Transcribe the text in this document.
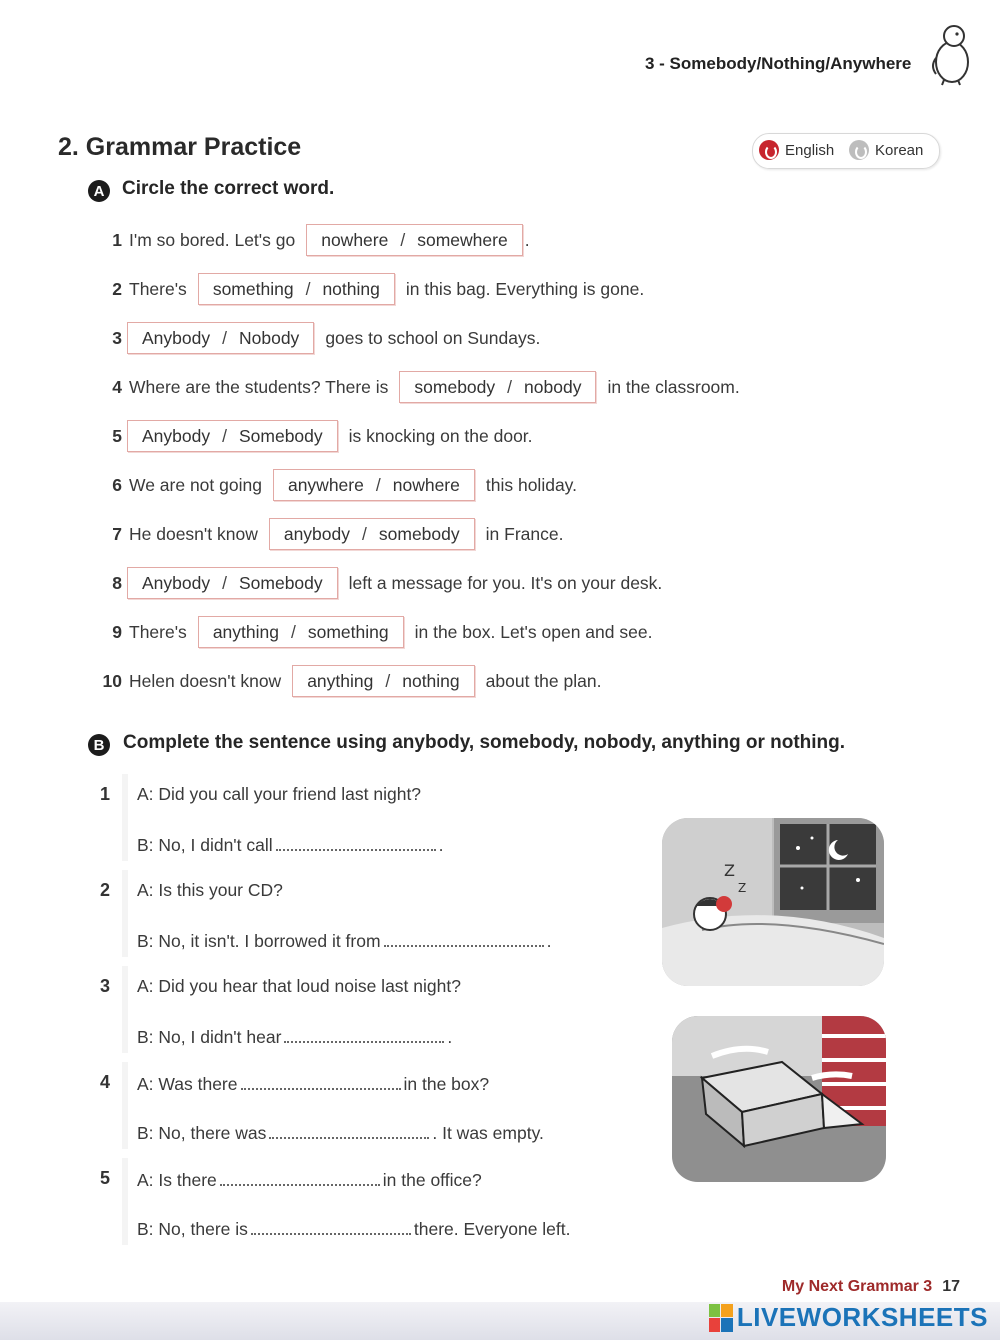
3 - Somebody/Nothing/Anywhere
2. Grammar Practice	English	Korean
A Circle the correct word.
1 I'm so bored. Let's go nowhere / somewhere .
2 There's something / nothing in this bag. Everything is gone.
3 Anybody / Nobody goes to school on Sundays.
4 Where are the students? There is somebody / nobody in the classroom.
5 Anybody / Somebody is knocking on the door.
6 We are not going anywhere / nowhere this holiday.
7 He doesn't know anybody / somebody in France.
8 Anybody / Somebody left a message for you. It's on your desk.
9 There's anything / something in the box. Let's open and see.
10 Helen doesn't know anything / nothing about the plan.
B Complete the sentence using anybody, somebody, nobody, anything or nothing.
1 A: Did you call your friend last night?
B: No, I didn't call	.
2 A: Is this your CD?
B: No, it isn't. I borrowed it from	.
3 A: Did you hear that loud noise last night?
B: No, I didn't hear	.
4 A: Was there	in the box?
B: No, there was	. It was empty.
5 A: Is there	in the office?
B: No, there is	there. Everyone left.
Z
Z
My Next Grammar 3 17
LIVEWORKSHEETS
